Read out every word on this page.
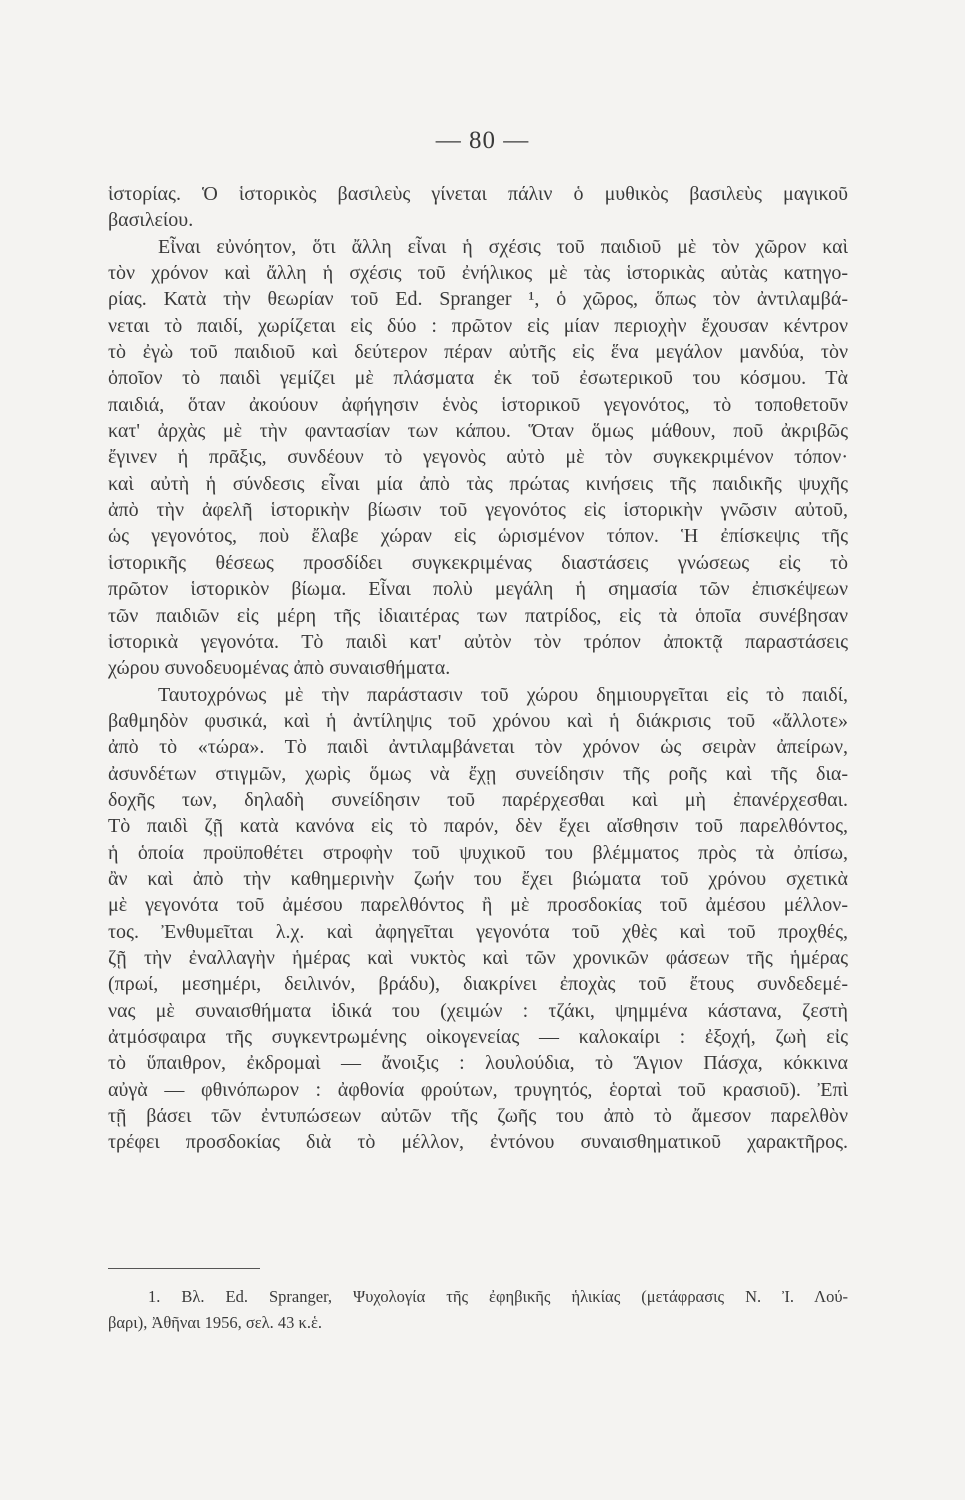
— 80 —
ἱστορίας. Ὁ ἱστορικὸς βασιλεὺς γίνεται πάλιν ὁ μυθικὸς βασιλεὺς μαγικοῦ
βασιλείου.
Εἶναι εὐνόητον, ὅτι ἄλλη εἶναι ἡ σχέσις τοῦ παιδιοῦ μὲ τὸν χῶρον καὶ
τὸν χρόνον καὶ ἄλλη ἡ σχέσις τοῦ ἐνήλικος μὲ τὰς ἱστορικὰς αὐτὰς κατηγο-
ρίας. Κατὰ τὴν θεωρίαν τοῦ Ed. Spranger ¹, ὁ χῶρος, ὅπως τὸν ἀντιλαμβά-
νεται τὸ παιδί, χωρίζεται εἰς δύο : πρῶτον εἰς μίαν περιοχὴν ἔχουσαν κέντρον
τὸ ἐγὼ τοῦ παιδιοῦ καὶ δεύτερον πέραν αὐτῆς εἰς ἕνα μεγάλον μανδύα, τὸν
ὁποῖον τὸ παιδὶ γεμίζει μὲ πλάσματα ἐκ τοῦ ἐσωτερικοῦ του κόσμου. Τὰ
παιδιά, ὅταν ἀκούουν ἀφήγησιν ἑνὸς ἱστορικοῦ γεγονότος, τὸ τοποθετοῦν
κατ' ἀρχὰς μὲ τὴν φαντασίαν των κάπου. Ὅταν ὅμως μάθουν, ποῦ ἀκριβῶς
ἔγινεν ἡ πρᾶξις, συνδέουν τὸ γεγονὸς αὐτὸ μὲ τὸν συγκεκριμένον τόπον·
καὶ αὐτὴ ἡ σύνδεσις εἶναι μία ἀπὸ τὰς πρώτας κινήσεις τῆς παιδικῆς ψυχῆς
ἀπὸ τὴν ἀφελῆ ἱστορικὴν βίωσιν τοῦ γεγονότος εἰς ἱστορικὴν γνῶσιν αὐτοῦ,
ὡς γεγονότος, ποὺ ἔλαβε χώραν εἰς ὡρισμένον τόπον. Ἡ ἐπίσκεψις τῆς
ἱστορικῆς θέσεως προσδίδει συγκεκριμένας διαστάσεις γνώσεως εἰς τὸ
πρῶτον ἱστορικὸν βίωμα. Εἶναι πολὺ μεγάλη ἡ σημασία τῶν ἐπισκέψεων
τῶν παιδιῶν εἰς μέρη τῆς ἰδιαιτέρας των πατρίδος, εἰς τὰ ὁποῖα συνέβησαν
ἱστορικὰ γεγονότα. Τὸ παιδὶ κατ' αὐτὸν τὸν τρόπον ἀποκτᾷ παραστάσεις
χώρου συνοδευομένας ἀπὸ συναισθήματα.
Ταυτοχρόνως μὲ τὴν παράστασιν τοῦ χώρου δημιουργεῖται εἰς τὸ παιδί,
βαθμηδὸν φυσικά, καὶ ἡ ἀντίληψις τοῦ χρόνου καὶ ἡ διάκρισις τοῦ «ἄλλοτε»
ἀπὸ τὸ «τώρα». Τὸ παιδὶ ἀντιλαμβάνεται τὸν χρόνον ὡς σειρὰν ἀπείρων,
ἀσυνδέτων στιγμῶν, χωρὶς ὅμως νὰ ἔχῃ συνείδησιν τῆς ροῆς καὶ τῆς δια-
δοχῆς των, δηλαδὴ συνείδησιν τοῦ παρέρχεσθαι καὶ μὴ ἐπανέρχεσθαι.
Τὸ παιδὶ ζῇ κατὰ κανόνα εἰς τὸ παρόν, δὲν ἔχει αἴσθησιν τοῦ παρελθόντος,
ἡ ὁποία προϋποθέτει στροφὴν τοῦ ψυχικοῦ του βλέμματος πρὸς τὰ ὀπίσω,
ἂν καὶ ἀπὸ τὴν καθημερινὴν ζωήν του ἔχει βιώματα τοῦ χρόνου σχετικὰ
μὲ γεγονότα τοῦ ἀμέσου παρελθόντος ἢ μὲ προσδοκίας τοῦ ἀμέσου μέλλον-
τος. Ἐνθυμεῖται λ.χ. καὶ ἀφηγεῖται γεγονότα τοῦ χθὲς καὶ τοῦ προχθές,
ζῇ τὴν ἐναλλαγὴν ἡμέρας καὶ νυκτὸς καὶ τῶν χρονικῶν φάσεων τῆς ἡμέρας
(πρωί, μεσημέρι, δειλινόν, βράδυ), διακρίνει ἐποχὰς τοῦ ἔτους συνδεδεμέ-
νας μὲ συναισθήματα ἰδικά του (χειμών : τζάκι, ψημμένα κάστανα, ζεστὴ
ἀτμόσφαιρα τῆς συγκεντρωμένης οἰκογενείας — καλοκαίρι : ἐξοχή, ζωὴ εἰς
τὸ ὕπαιθρον, ἐκδρομαὶ — ἄνοιξις : λουλούδια, τὸ Ἅγιον Πάσχα, κόκκινα
αὐγὰ — φθινόπωρον : ἀφθονία φρούτων, τρυγητός, ἑορταὶ τοῦ κρασιοῦ). Ἐπὶ
τῇ βάσει τῶν ἐντυπώσεων αὐτῶν τῆς ζωῆς του ἀπὸ τὸ ἄμεσον παρελθὸν
τρέφει προσδοκίας διὰ τὸ μέλλον, ἐντόνου συναισθηματικοῦ χαρακτῆρος.
1. Βλ. Ed. Spranger, Ψυχολογία τῆς ἐφηβικῆς ἡλικίας (μετάφρασις Ν. Ἰ. Λού-
βαρι), Ἀθῆναι 1956, σελ. 43 κ.ἑ.
